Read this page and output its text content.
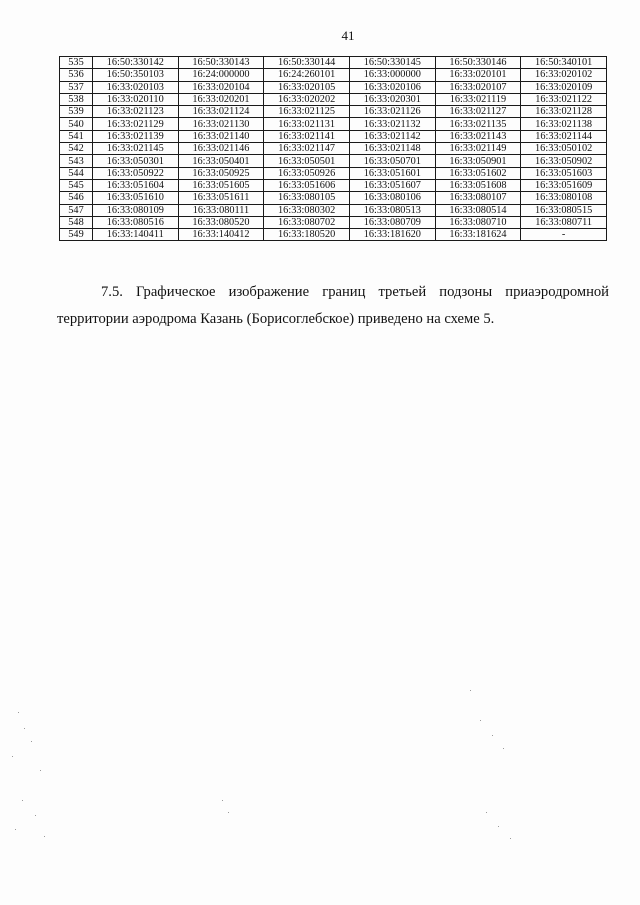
41
535	16:50:330142	16:50:330143	16:50:330144	16:50:330145	16:50:330146	16:50:340101
536	16:50:350103	16:24:000000	16:24:260101	16:33:000000	16:33:020101	16:33:020102
537	16:33:020103	16:33:020104	16:33:020105	16:33:020106	16:33:020107	16:33:020109
538	16:33:020110	16:33:020201	16:33:020202	16:33:020301	16:33:021119	16:33:021122
539	16:33:021123	16:33:021124	16:33:021125	16:33:021126	16:33:021127	16:33:021128
540	16:33:021129	16:33:021130	16:33:021131	16:33:021132	16:33:021135	16:33:021138
541	16:33:021139	16:33:021140	16:33:021141	16:33:021142	16:33:021143	16:33:021144
542	16:33:021145	16:33:021146	16:33:021147	16:33:021148	16:33:021149	16:33:050102
543	16:33:050301	16:33:050401	16:33:050501	16:33:050701	16:33:050901	16:33:050902
544	16:33:050922	16:33:050925	16:33:050926	16:33:051601	16:33:051602	16:33:051603
545	16:33:051604	16:33:051605	16:33:051606	16:33:051607	16:33:051608	16:33:051609
546	16:33:051610	16:33:051611	16:33:080105	16:33:080106	16:33:080107	16:33:080108
547	16:33:080109	16:33:080111	16:33:080302	16:33:080513	16:33:080514	16:33:080515
548	16:33:080516	16:33:080520	16:33:080702	16:33:080709	16:33:080710	16:33:080711
549	16:33:140411	16:33:140412	16:33:180520	16:33:181620	16:33:181624	-
7.5. Графическое изображение границ третьей подзоны приаэродромной территории аэродрома Казань (Борисоглебское) приведено на схеме 5.
